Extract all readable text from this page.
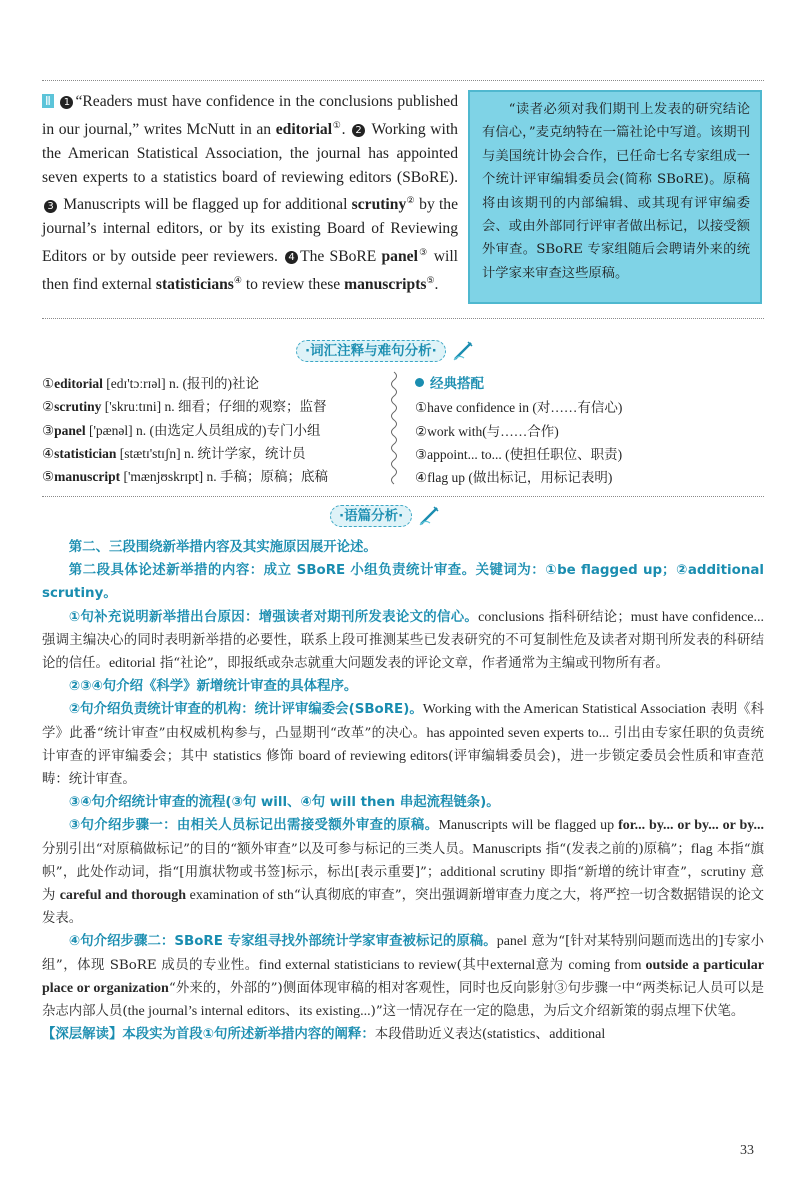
Ⅱ 1 “Readers must have confidence in the conclusions published in our journal,” writes McNutt in an editorial①. 2 Working with the American Statistical Association, the journal has appointed seven experts to a statistics board of reviewing editors (SBoRE). 3 Manuscripts will be flagged up for additional scrutiny② by the journal’s internal editors, or by its existing Board of Reviewing Editors or by outside peer reviewers. 4 The SBoRE panel③ will then find external statisticians④ to review these manuscripts⑤.
“读者必须对我们期刊上发表的研究结论有信心，”麦克纳特在一篇社论中写道。该期刊与美国统计协会合作，已任命七名专家组成一个统计评审编辑委员会(简称 SBoRE)。原稿将由该期刊的内部编辑、或其现有评审编委会、或由外部同行评审者做出标记，以接受额外审查。SBoRE 专家组随后会聘请外来的统计学家来审查这些原稿。
·词汇注释与难句分析·
①editorial [edɪ'tɔːrɪəl] n. (报刊的)社论
②scrutiny ['skruːtɪni] n. 细看；仔细的观察；监督
③panel ['pænəl] n. (由选定人员组成的)专门小组
④statistician [stætɪ'stɪʃn] n. 统计学家，统计员
⑤manuscript ['mænjʊskrɪpt] n. 手稿；原稿；底稿
经典搭配
①have confidence in (对……有信心)
②work with(与……合作)
③appoint... to... (使担任职位、职责)
④flag up (做出标记，用标记表明)
·语篇分析·

第二、三段围绕新举措内容及其实施原因展开论述。

第二段具体论述新举措的内容：成立 SBoRE 小组负责统计审查。关键词为：①be flagged up；②additional scrutiny。

①句补充说明新举措出台原因：增强读者对期刊所发表论文的信心。conclusions 指科研结论；must have confidence... 强调主编决心的同时表明新举措的必要性，联系上段可推测某些已发表研究的不可复制性危及读者对期刊所发表的科研结论的信任。editorial 指“社论”，即报纸或杂志就重大问题发表的评论文章，作者通常为主编或刊物所有者。

②③④句介绍《科学》新增统计审查的具体程序。

②句介绍负责统计审查的机构：统计评审编委会(SBoRE)。Working with the American Statistical Association 表明《科学》此番“统计审查”由权威机构参与，凸显期刊“改革”的决心。has appointed seven experts to... 引出由专家任职的负责统计审查的评审编委会；其中 statistics 修饰 board of reviewing editors(评审编辑委员会)，进一步锁定委员会性质和审查范畴：统计审查。

③④句介绍统计审查的流程(③句 will、④句 will then 串起流程链条)。

③句介绍步骤一：由相关人员标记出需接受额外审查的原稿。Manuscripts will be flagged up for... by... or by... or by... 分别引出“对原稿做标记”的目的“额外审查”以及可参与标记的三类人员。Manuscripts 指“(发表之前的)原稿”；flag 本指“旗帜”，此处作动词，指“[用旗状物或书签]标示，标出[表示重要]”；additional scrutiny 即指“新增的统计审查”，scrutiny 意为 careful and thorough examination of sth“认真彻底的审查”，突出强调新增审查力度之大，将严控一切含数据错误的论文发表。

④句介绍步骤二：SBoRE 专家组寻找外部统计学家审查被标记的原稿。panel 意为“[针对某特别问题而选出的]专家小组”，体现 SBoRE 成员的专业性。find external statisticians to review(其中external意为 coming from outside a particular place or organization“外来的，外部的”)侧面体现审稿的相对客观性，同时也反向影射③句步骤一中“两类标记人员可以是杂志内部人员(the journal’s internal editors、its existing...)”这一情况存在一定的隐患，为后文介绍新策的弱点埋下伏笔。

【深层解读】本段实为首段①句所述新举措内容的阐释：本段借助近义表达(statistics、additional

33
